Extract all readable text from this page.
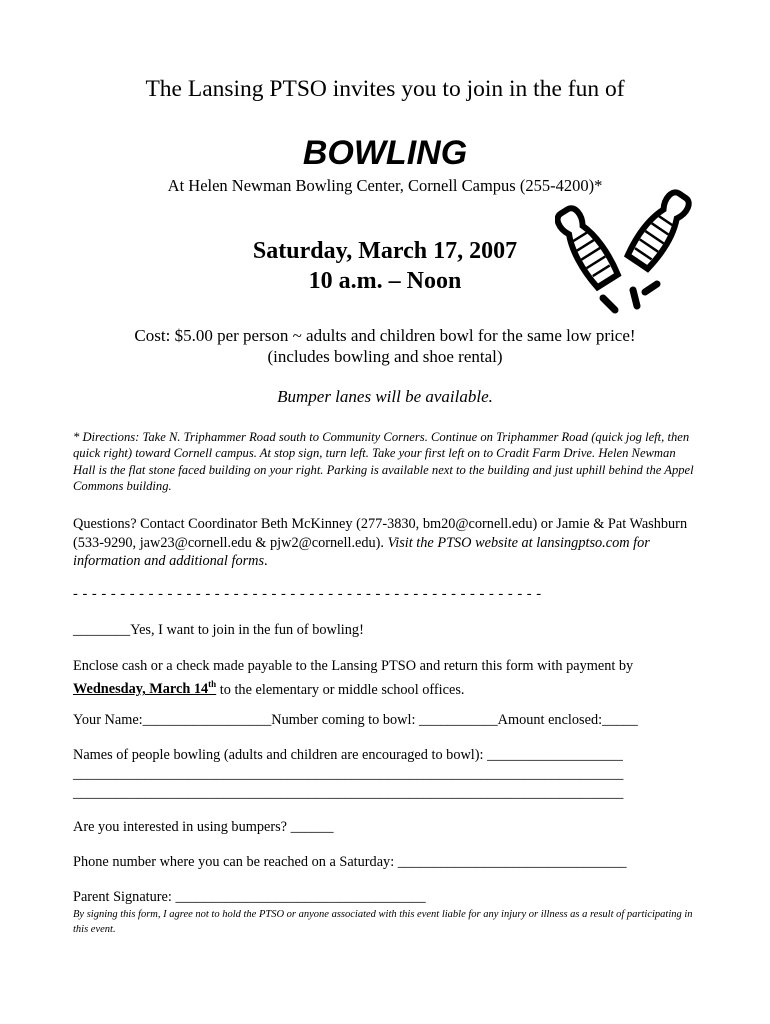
The Lansing PTSO invites you to join in the fun of
BOWLING
At Helen Newman Bowling Center, Cornell Campus (255-4200)*
Saturday, March 17, 2007
10 a.m. – Noon
Cost: $5.00 per person ~ adults and children bowl for the same low price!
(includes bowling and shoe rental)
Bumper lanes will be available.
* Directions: Take N. Triphammer Road south to Community Corners. Continue on Triphammer Road (quick jog left, then quick right) toward Cornell campus. At stop sign, turn left. Take your first left on to Cradit Farm Drive. Helen Newman Hall is the flat stone faced building on your right. Parking is available next to the building and just uphill behind the Appel Commons building.
Questions? Contact Coordinator Beth McKinney (277-3830, bm20@cornell.edu) or Jamie & Pat Washburn (533-9290, jaw23@cornell.edu & pjw2@cornell.edu). Visit the PTSO website at lansingptso.com for information and additional forms.
- - - - - - - - - - - - - - - - - - - - - - - - - - - - - - - - - - - - - - - - - - - - - - - - - -
________Yes, I want to join in the fun of bowling!
Enclose cash or a check made payable to the Lansing PTSO and return this form with payment by Wednesday, March 14th to the elementary or middle school offices.
Your Name:__________________Number coming to bowl: ___________Amount enclosed:_____
Names of people bowling (adults and children are encouraged to bowl): ___________________
_____________________________________________________________________________
_____________________________________________________________________________
Are you interested in using bumpers? ______
Phone number where you can be reached on a Saturday: ________________________________
Parent Signature: ___________________________________
By signing this form, I agree not to hold the PTSO or anyone associated with this event liable for any injury or illness as a result of participating in this event.
